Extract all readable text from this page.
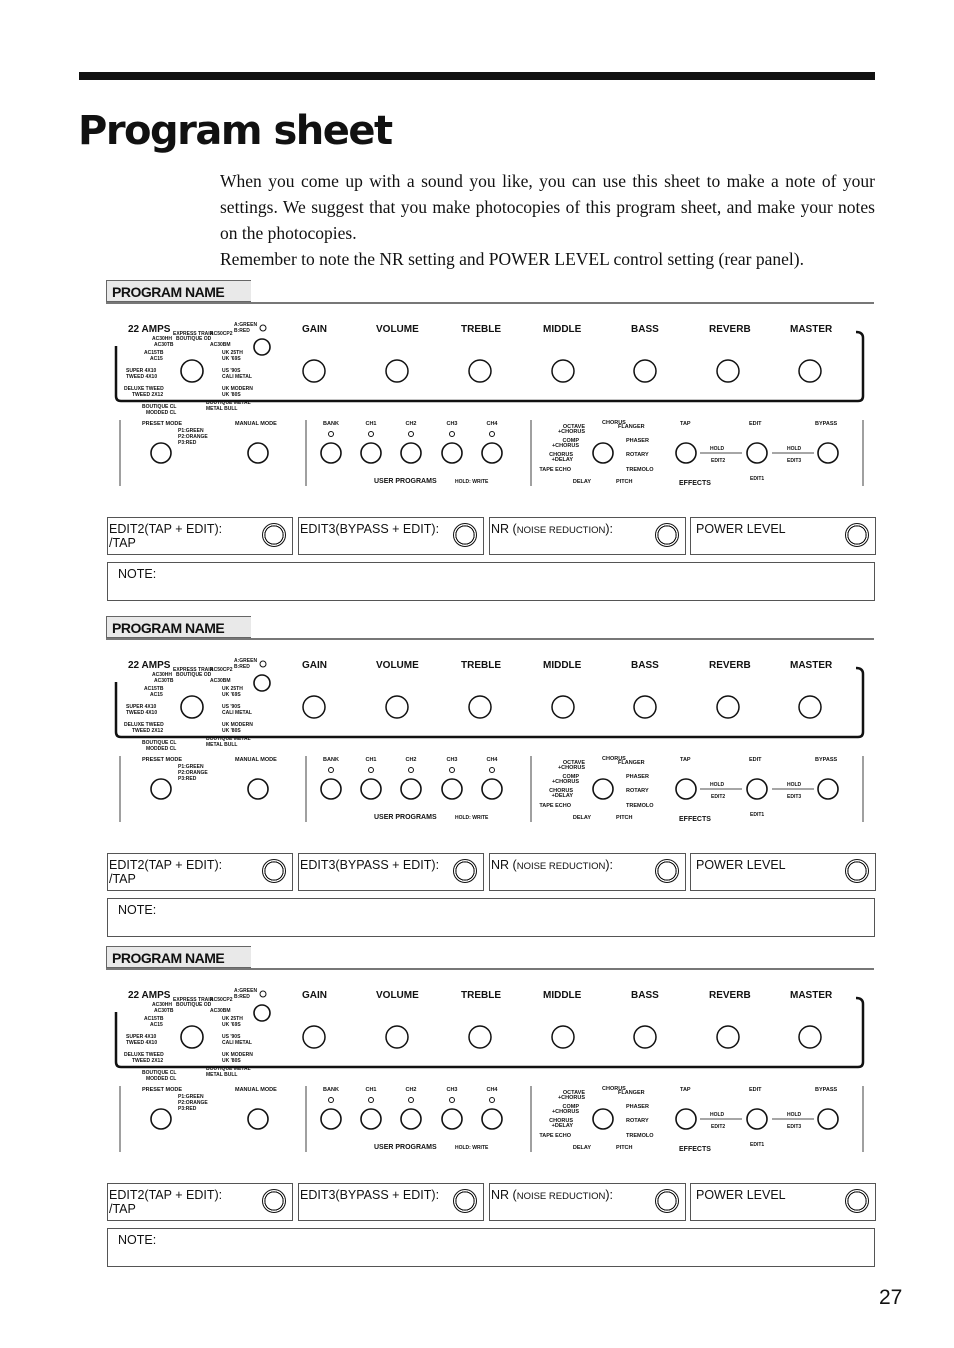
Program sheet

When you come up with a sound you like, you can use this sheet to make a note of your settings. We suggest that you make photocopies of this program sheet, and make your notes on the photocopies.

Remember to note the NR setting and POWER LEVEL control setting (rear panel).

PROGRAM NAME
22 AMPS EXPRESS TRAIN
BOUTIQUE OD
A:GREEN
B:RED
AC30HH
AC30TB
AC15TB
AC15
SUPER 4X10
TWEED 4X10
DELUXE TWEED
TWEED 2X12
BOUTIQUE CL
MODDED CL
AC50CP2
AC30BM
UK 25TH
UK '69S
US '90S
CALI METAL
UK MODERN
UK '80S
BOUTIQUE METAL
METAL BULL
GAIN	VOLUME	TREBLE	MIDDLE	BASS	REVERB	MASTER
PRESET MODE
P1:GREEN
P2:ORANGE
P3:RED
MANUAL MODE	BANK	CH1	CH2	CH3	CH4
USER PROGRAMS	HOLD: WRITE
OCTAVE
+CHORUS
COMP
+CHORUS
CHORUS
+DELAY
TAPE ECHO
DELAY
CHORUS
FLANGER
PHASER
ROTARY
TREMOLO
PITCH
TAP	EDIT	BYPASS
HOLD
EDIT2
HOLD
EDIT3
EDIT1
EFFECTS
EDIT2(TAP + EDIT):
/TAP
EDIT3(BYPASS + EDIT):	NR (NOISE REDUCTION):	POWER LEVEL
NOTE:
PROGRAM NAME
22 AMPS EXPRESS TRAIN
BOUTIQUE OD
A:GREEN
B:RED
AC30HH
AC30TB
AC15TB
AC15
SUPER 4X10
TWEED 4X10
DELUXE TWEED
TWEED 2X12
BOUTIQUE CL
MODDED CL
AC50CP2
AC30BM
UK 25TH
UK '69S
US '90S
CALI METAL
UK MODERN
UK '80S
BOUTIQUE METAL
METAL BULL
GAIN	VOLUME	TREBLE	MIDDLE	BASS	REVERB	MASTER
PRESET MODE
P1:GREEN
P2:ORANGE
P3:RED
MANUAL MODE	BANK	CH1	CH2	CH3	CH4
USER PROGRAMS	HOLD: WRITE
OCTAVE
+CHORUS
COMP
+CHORUS
CHORUS
+DELAY
TAPE ECHO
DELAY
CHORUS
FLANGER
PHASER
ROTARY
TREMOLO
PITCH
TAP	EDIT	BYPASS
HOLD
EDIT2
HOLD
EDIT3
EDIT1
EFFECTS
EDIT2(TAP + EDIT):
/TAP
EDIT3(BYPASS + EDIT):	NR (NOISE REDUCTION):	POWER LEVEL
NOTE:
PROGRAM NAME
22 AMPS EXPRESS TRAIN
BOUTIQUE OD
A:GREEN
B:RED
AC30HH
AC30TB
AC15TB
AC15
SUPER 4X10
TWEED 4X10
DELUXE TWEED
TWEED 2X12
BOUTIQUE CL
MODDED CL
AC50CP2
AC30BM
UK 25TH
UK '69S
US '90S
CALI METAL
UK MODERN
UK '80S
BOUTIQUE METAL
METAL BULL
GAIN	VOLUME	TREBLE	MIDDLE	BASS	REVERB	MASTER
PRESET MODE
P1:GREEN
P2:ORANGE
P3:RED
MANUAL MODE	BANK	CH1	CH2	CH3	CH4
USER PROGRAMS	HOLD: WRITE
OCTAVE
+CHORUS
COMP
+CHORUS
CHORUS
+DELAY
TAPE ECHO
DELAY
CHORUS
FLANGER
PHASER
ROTARY
TREMOLO
PITCH
TAP	EDIT	BYPASS
HOLD
EDIT2
HOLD
EDIT3
EDIT1
EFFECTS
EDIT2(TAP + EDIT):
/TAP
EDIT3(BYPASS + EDIT):	NR (NOISE REDUCTION):	POWER LEVEL
NOTE:
27
